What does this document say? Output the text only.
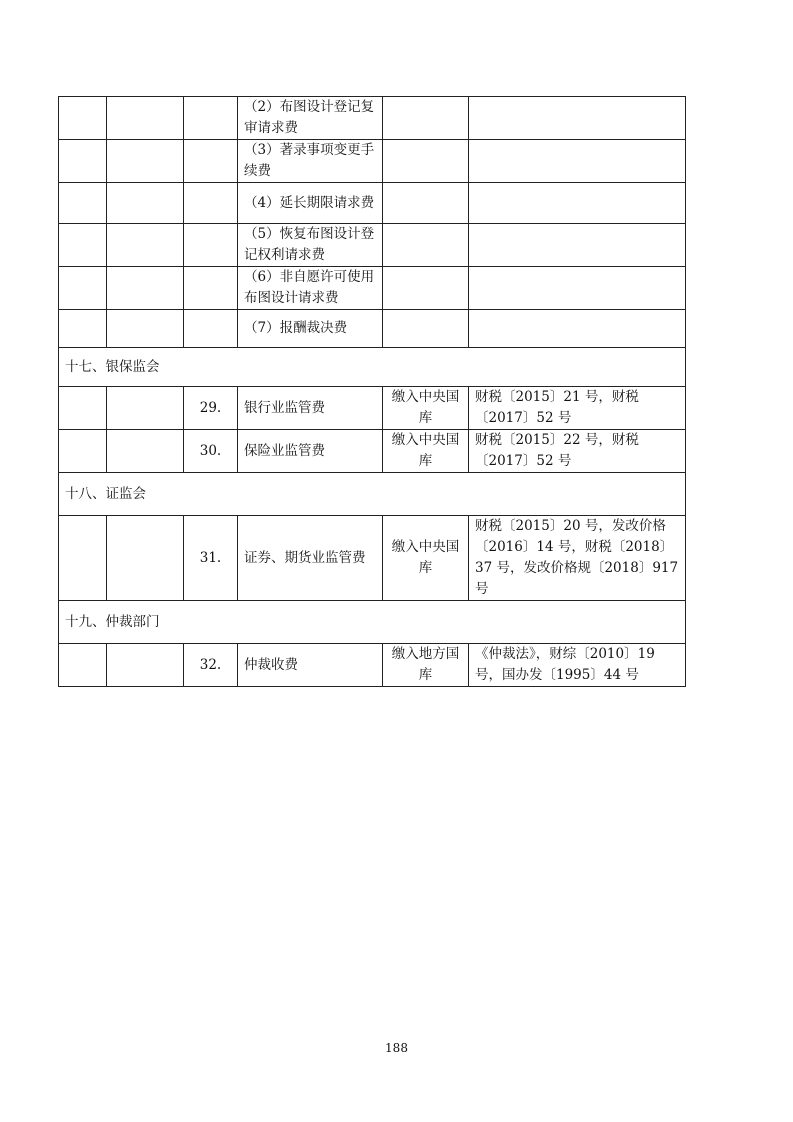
			（2）布图设计登记复审请求费		
			（3）著录事项变更手续费		
			（4）延长期限请求费		
			（5）恢复布图设计登记权利请求费		
			（6）非自愿许可使用布图设计请求费		
			（7）报酬裁决费		
十七、银保监会					
		29.	银行业监管费	缴入中央国库	财税〔2015〕21 号，财税〔2017〕52 号
		30.	保险业监管费	缴入中央国库	财税〔2015〕22 号，财税〔2017〕52 号
十八、证监会					
		31.	证券、期货业监管费	缴入中央国库	财税〔2015〕20 号，发改价格〔2016〕14 号，财税〔2018〕37 号，发改价格规〔2018〕917 号
十九、仲裁部门					
		32.	仲裁收费	缴入地方国库	《仲裁法》，财综〔2010〕19 号，国办发〔1995〕44 号
188
